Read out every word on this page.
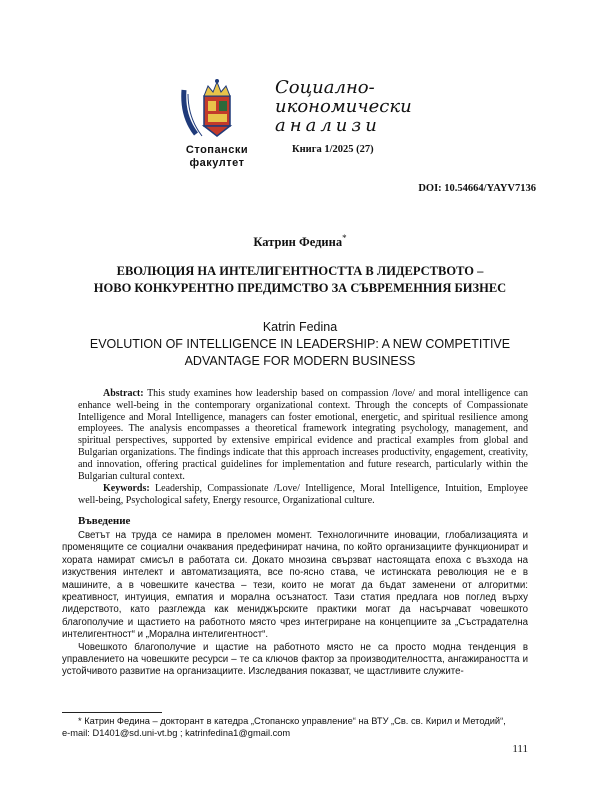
Стопански
факултет
Социално-
икономически
анализи
Книга 1/2025 (27)
DOI: 10.54664/YAYV7136
Катрин Федина*
ЕВОЛЮЦИЯ НА ИНТЕЛИГЕНТНОСТТА В ЛИДЕРСТВОТО –
НОВО КОНКУРЕНТНО ПРЕДИМСТВО ЗА СЪВРЕМЕННИЯ БИЗНЕС
Katrin Fedina
EVOLUTION OF INTELLIGENCE IN LEADERSHIP: A NEW COMPETITIVE
ADVANTAGE FOR MODERN BUSINESS

   Abstract: This study examines how leadership based on compassion /love/ and moral intelligence can enhance well-being in the contemporary organizational context. Through the concepts of Compassionate Intelligence and Moral Intelligence, managers can foster emotional, energetic, and spiritual resilience among employees. The analysis encompasses a theoretical framework integrating psychology, management, and spiritual perspectives, supported by extensive empirical evidence and practical examples from global and Bulgarian organizations. The findings indicate that this approach increases productivity, engagement, creativity, and innovation, offering practical guidelines for implementation and future research, particularly within the Bulgarian cultural context.

   Keywords: Leadership, Compassionate /Love/ Intelligence, Moral Intelligence, Intuition, Employee well-being, Psychological safety, Energy resource, Organizational culture.

Въведение

Светът на труда се намира в преломен момент. Технологичните иновации, глобализацията и променящите се социални очаквания предефинират начина, по който организациите функционират и хората намират смисъл в работата си. Докато мнозина свързват настоящата епоха с възхода на изкуствения интелект и автоматизацията, все по-ясно става, че истинската революция не е в машините, а в човешките качества – тези, които не могат да бъдат заменени от алгоритми: креативност, интуиция, емпатия и морална осъзнатост. Тази статия предлага нов поглед върху лидерството, като разглежда как мениджърските практики могат да насърчават човешкото благополучие и щастието на работното място чрез интегриране на концепциите за „Състрадателна интелигентност“ и „Морална интелигентност“.

Човешкото благополучие и щастие на работното място не са просто модна тенденция в управлението на човешките ресурси – те са ключов фактор за производителността, ангажираността и устойчивото развитие на организациите. Изследвания показват, че щастливите служите-

* Катрин Федина – докторант в катедра „Стопанско управление“ на ВТУ „Св. св. Кирил и Методий“,
e-mail: D1401@sd.uni-vt.bg ; katrinfedina1@gmail.com
111
